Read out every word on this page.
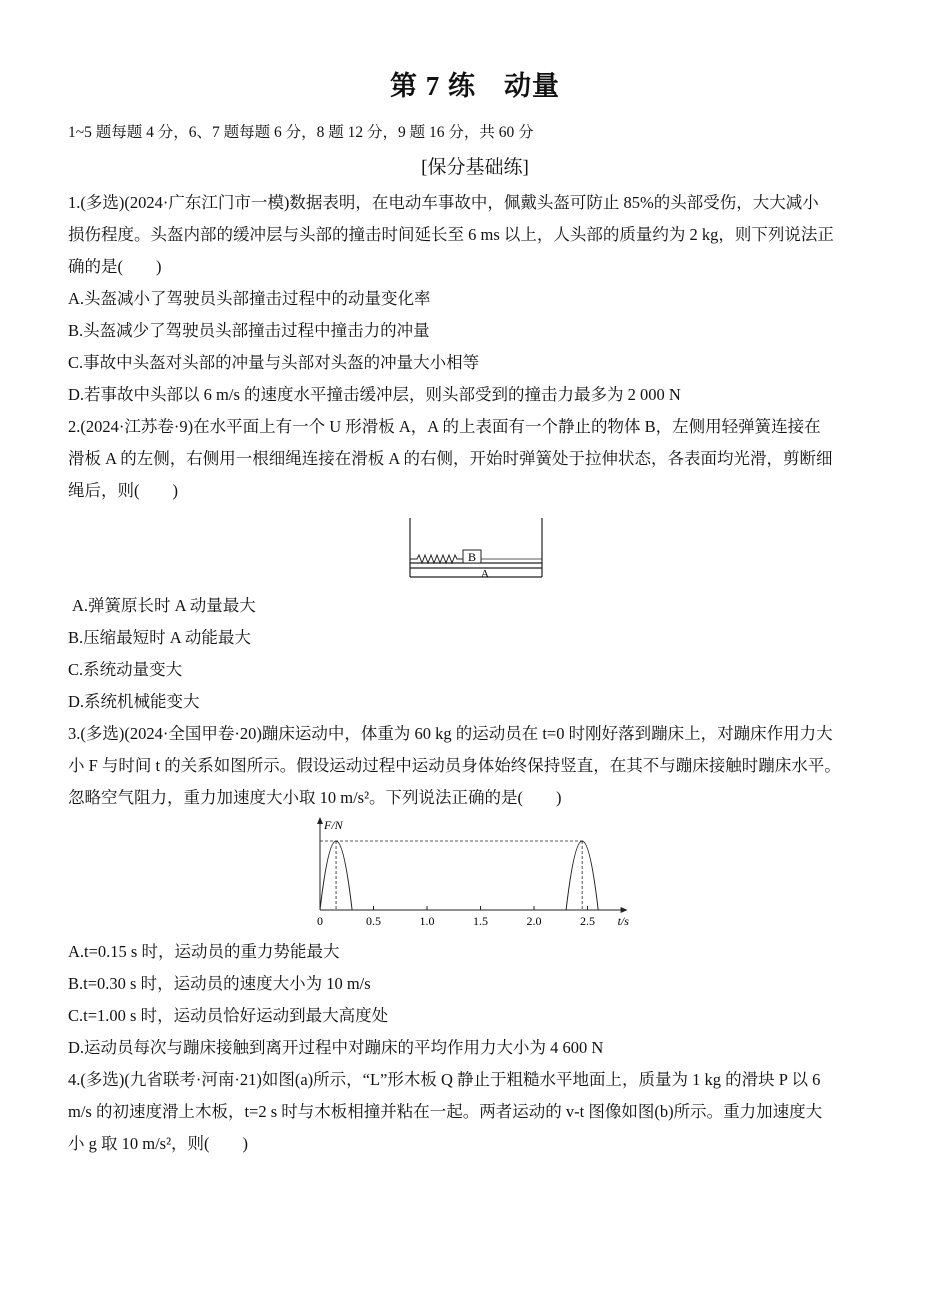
第 7 练　动量
1~5 题每题 4 分，6、7 题每题 6 分，8 题 12 分，9 题 16 分，共 60 分
[保分基础练]
1.(多选)(2024·广东江门市一模)数据表明，在电动车事故中，佩戴头盔可防止 85%的头部受伤，大大减小
损伤程度。头盔内部的缓冲层与头部的撞击时间延长至 6 ms 以上，人头部的质量约为 2 kg，则下列说法正
确的是(　　)
A.头盔减小了驾驶员头部撞击过程中的动量变化率
B.头盔减少了驾驶员头部撞击过程中撞击力的冲量
C.事故中头盔对头部的冲量与头部对头盔的冲量大小相等
D.若事故中头部以 6 m/s 的速度水平撞击缓冲层，则头部受到的撞击力最多为 2 000 N
2.(2024·江苏卷·9)在水平面上有一个 U 形滑板 A，A 的上表面有一个静止的物体 B，左侧用轻弹簧连接在
滑板 A 的左侧，右侧用一根细绳连接在滑板 A 的右侧，开始时弹簧处于拉伸状态，各表面均光滑，剪断细
绳后，则(　　)
B
A
A.弹簧原长时 A 动量最大
B.压缩最短时 A 动能最大
C.系统动量变大
D.系统机械能变大
3.(多选)(2024·全国甲卷·20)蹦床运动中，体重为 60 kg 的运动员在 t=0 时刚好落到蹦床上，对蹦床作用力大
小 F 与时间 t 的关系如图所示。假设运动过程中运动员身体始终保持竖直，在其不与蹦床接触时蹦床水平。
忽略空气阻力，重力加速度大小取 10 m/s²。下列说法正确的是(　　)
0.5	1.0	1.5	2.0	2.5
0	t/s
F/N
A.t=0.15 s 时，运动员的重力势能最大
B.t=0.30 s 时，运动员的速度大小为 10 m/s
C.t=1.00 s 时，运动员恰好运动到最大高度处
D.运动员每次与蹦床接触到离开过程中对蹦床的平均作用力大小为 4 600 N
4.(多选)(九省联考·河南·21)如图(a)所示，“L”形木板 Q 静止于粗糙水平地面上，质量为 1 kg 的滑块 P 以 6
m/s 的初速度滑上木板，t=2 s 时与木板相撞并粘在一起。两者运动的 v-t 图像如图(b)所示。重力加速度大
小 g 取 10 m/s²，则(　　)
